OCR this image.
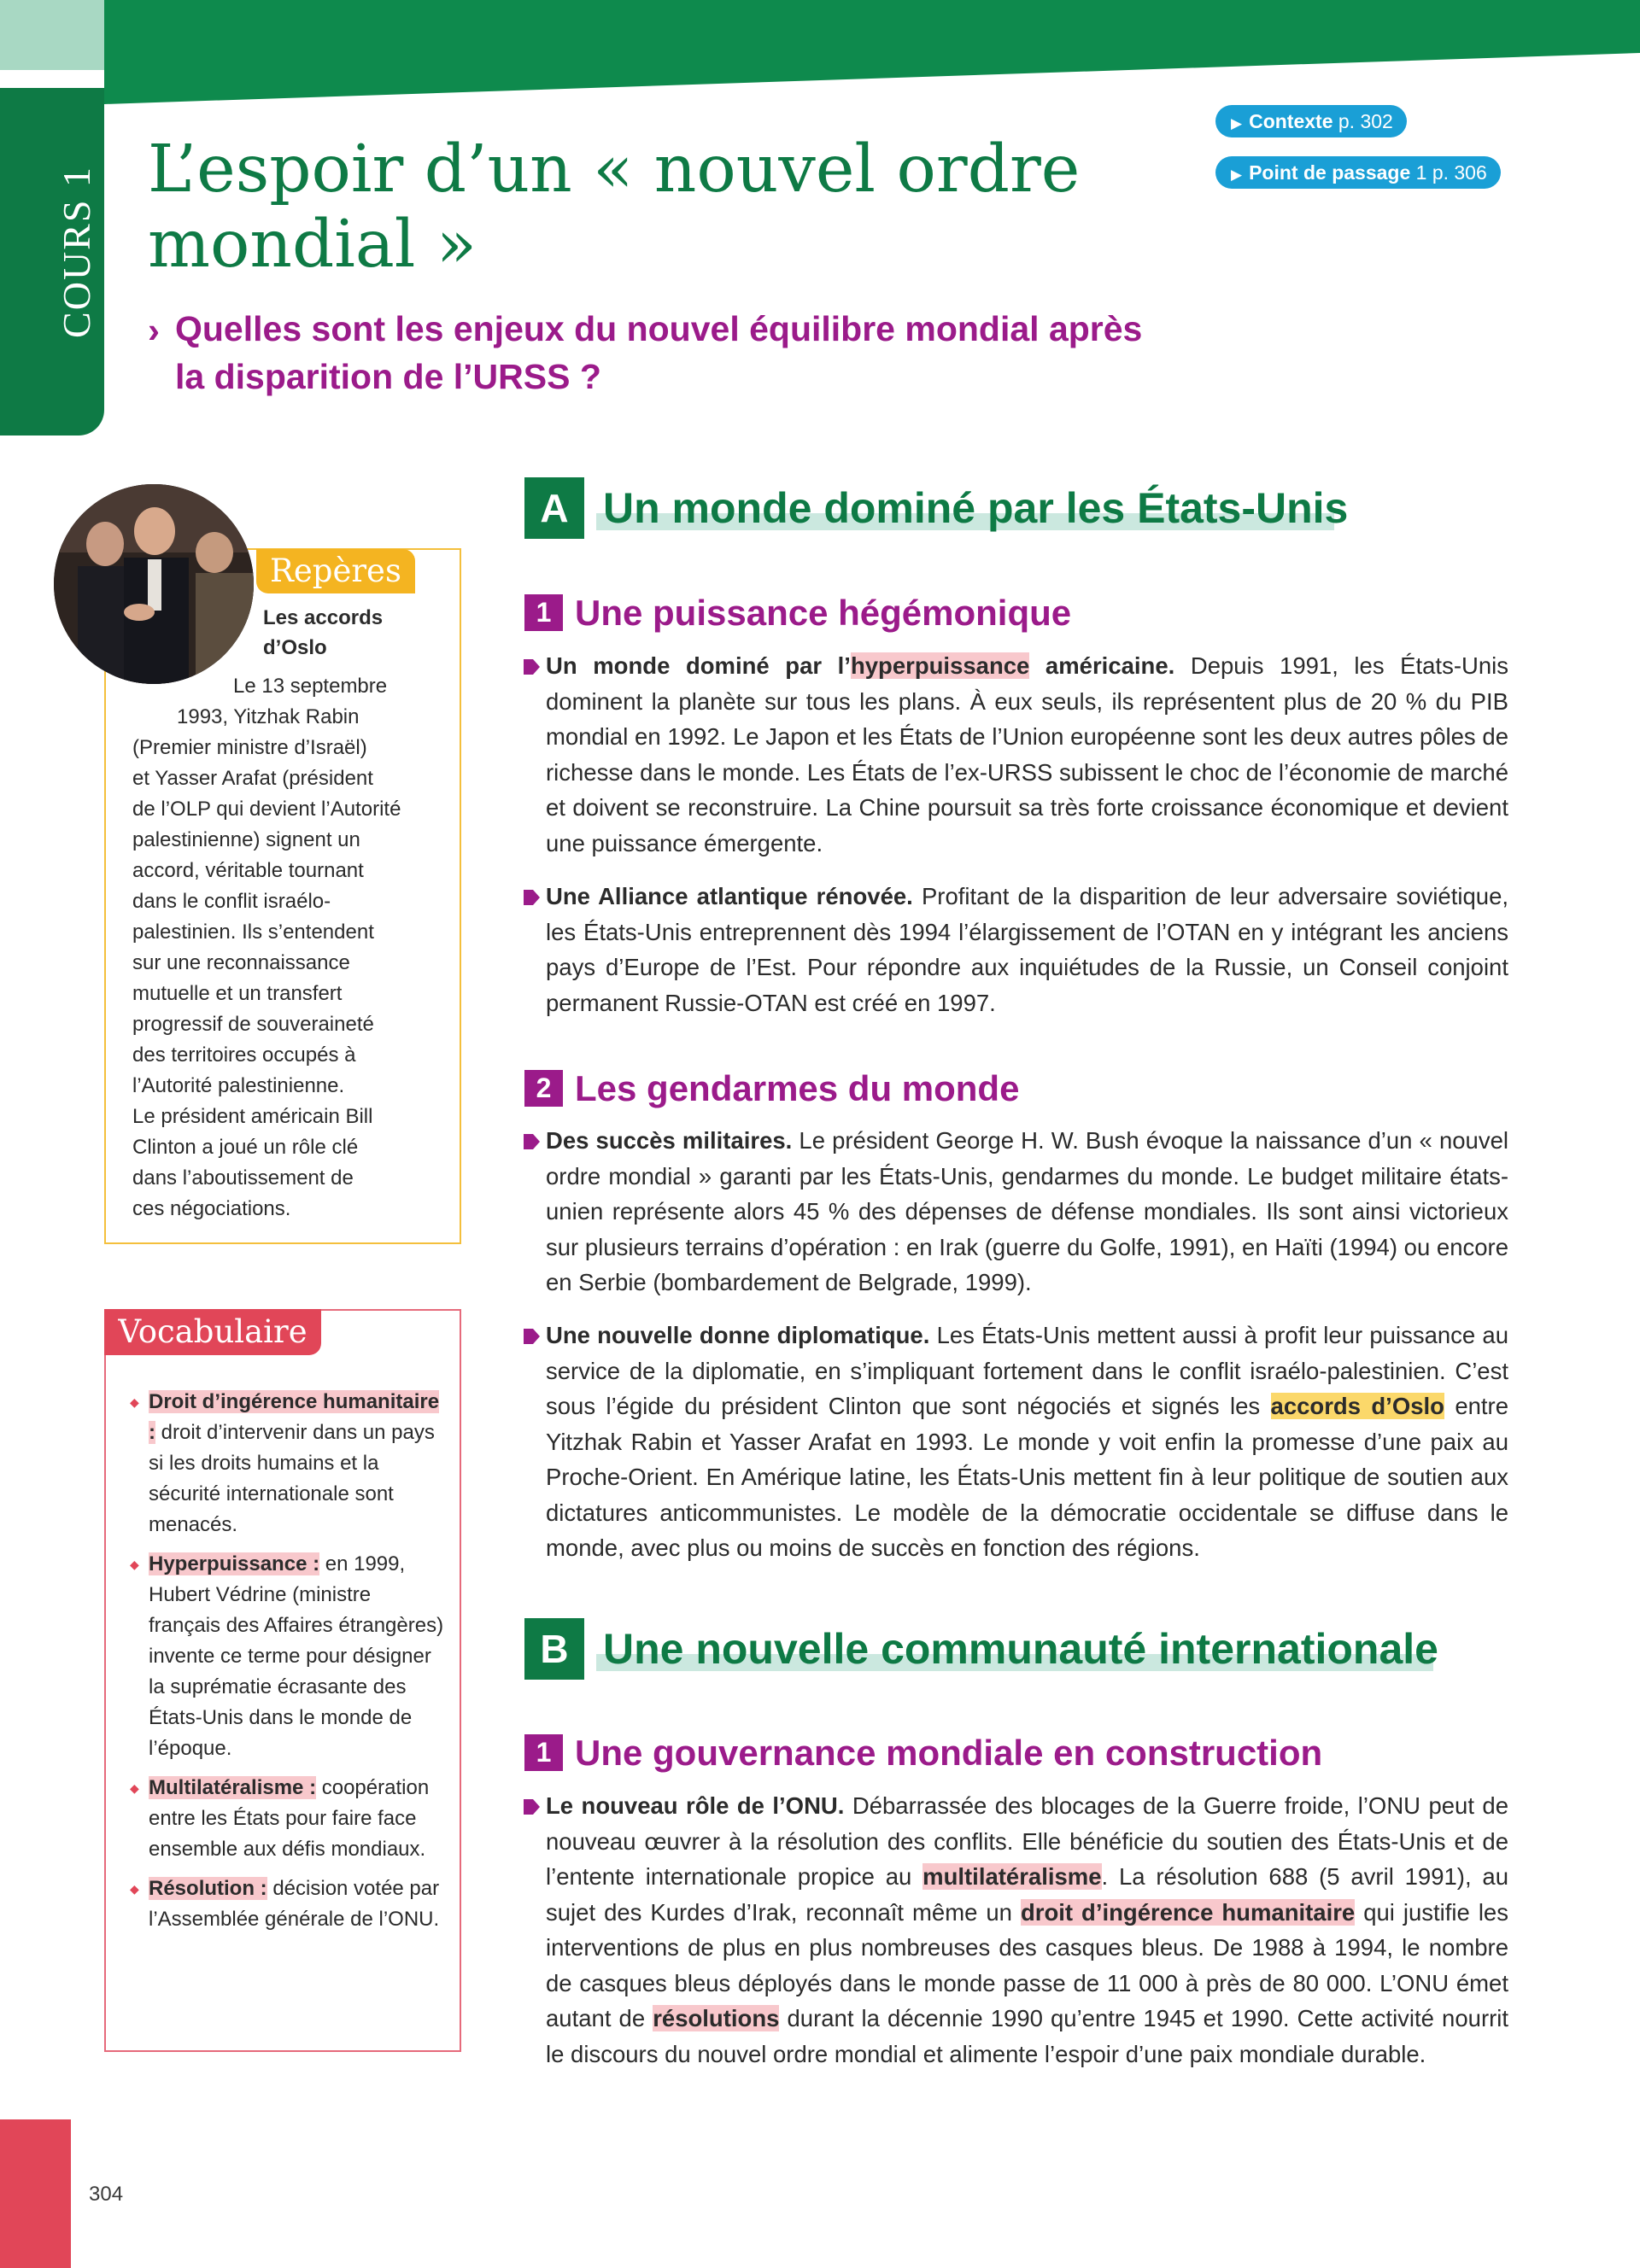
COURS 1 L’espoir d’un « nouvel ordre
mondial »
› Quelles sont les enjeux du nouvel équilibre mondial après
la disparition de l’URSS ?
▶ Contexte p. 302
▶ Point de passage 1 p. 306
Repères
Les accords d’Oslo
Le 13 septembre
1993, Yitzhak Rabin
(Premier ministre d’Israël)
et Yasser Arafat (président
de l’OLP qui devient l’Autorité
palestinienne) signent un
accord, véritable tournant
dans le conflit israélo-
palestinien. Ils s’entendent
sur une reconnaissance
mutuelle et un transfert
progressif de souveraineté
des territoires occupés à
l’Autorité palestinienne.
Le président américain Bill
Clinton a joué un rôle clé
dans l’aboutissement de
ces négociations.
Vocabulaire
◆ Droit d’ingérence humanitaire : droit d’intervenir dans un pays si les droits humains et la sécurité internationale sont menacés.
◆ Hyperpuissance : en 1999, Hubert Védrine (ministre français des Affaires étrangères) invente ce terme pour désigner la suprématie écrasante des États-Unis dans le monde de l’époque.
◆ Multilatéralisme : coopération entre les États pour faire face ensemble aux défis mondiaux.
◆ Résolution : décision votée par l’Assemblée générale de l’ONU.
A Un monde dominé par les États-Unis
1 Une puissance hégémonique

Un monde dominé par l’hyperpuissance américaine. Depuis 1991, les États-Unis dominent la planète sur tous les plans. À eux seuls, ils représentent plus de 20 % du PIB mondial en 1992. Le Japon et les États de l’Union européenne sont les deux autres pôles de richesse dans le monde. Les États de l’ex-URSS subissent le choc de l’économie de marché et doivent se reconstruire. La Chine poursuit sa très forte croissance économique et devient une puissance émergente.

Une Alliance atlantique rénovée. Profitant de la disparition de leur adversaire soviétique, les États-Unis entreprennent dès 1994 l’élargissement de l’OTAN en y intégrant les anciens pays d’Europe de l’Est. Pour répondre aux inquiétudes de la Russie, un Conseil conjoint permanent Russie-OTAN est créé en 1997.

2 Les gendarmes du monde

Des succès militaires. Le président George H. W. Bush évoque la naissance d’un « nouvel ordre mondial » garanti par les États-Unis, gendarmes du monde. Le budget militaire états-unien représente alors 45 % des dépenses de défense mondiales. Ils sont ainsi victorieux sur plusieurs terrains d’opération : en Irak (guerre du Golfe, 1991), en Haïti (1994) ou encore en Serbie (bombardement de Belgrade, 1999).

Une nouvelle donne diplomatique. Les États-Unis mettent aussi à profit leur puissance au service de la diplomatie, en s’impliquant fortement dans le conflit israélo-palestinien. C’est sous l’égide du président Clinton que sont négociés et signés les accords d’Oslo entre Yitzhak Rabin et Yasser Arafat en 1993. Le monde y voit enfin la promesse d’une paix au Proche-Orient. En Amérique latine, les États-Unis mettent fin à leur politique de soutien aux dictatures anticommunistes. Le modèle de la démocratie occidentale se diffuse dans le monde, avec plus ou moins de succès en fonction des régions.

B Une nouvelle communauté internationale
1 Une gouvernance mondiale en construction

Le nouveau rôle de l’ONU. Débarrassée des blocages de la Guerre froide, l’ONU peut de nouveau œuvrer à la résolution des conflits. Elle bénéficie du soutien des États-Unis et de l’entente internationale propice au multilatéralisme. La résolution 688 (5 avril 1991), au sujet des Kurdes d’Irak, reconnaît même un droit d’ingérence humanitaire qui justifie les interventions de plus en plus nombreuses des casques bleus. De 1988 à 1994, le nombre de casques bleus déployés dans le monde passe de 11 000 à près de 80 000. L’ONU émet autant de résolutions durant la décennie 1990 qu’entre 1945 et 1990. Cette activité nourrit le discours du nouvel ordre mondial et alimente l’espoir d’une paix mondiale durable.

304
